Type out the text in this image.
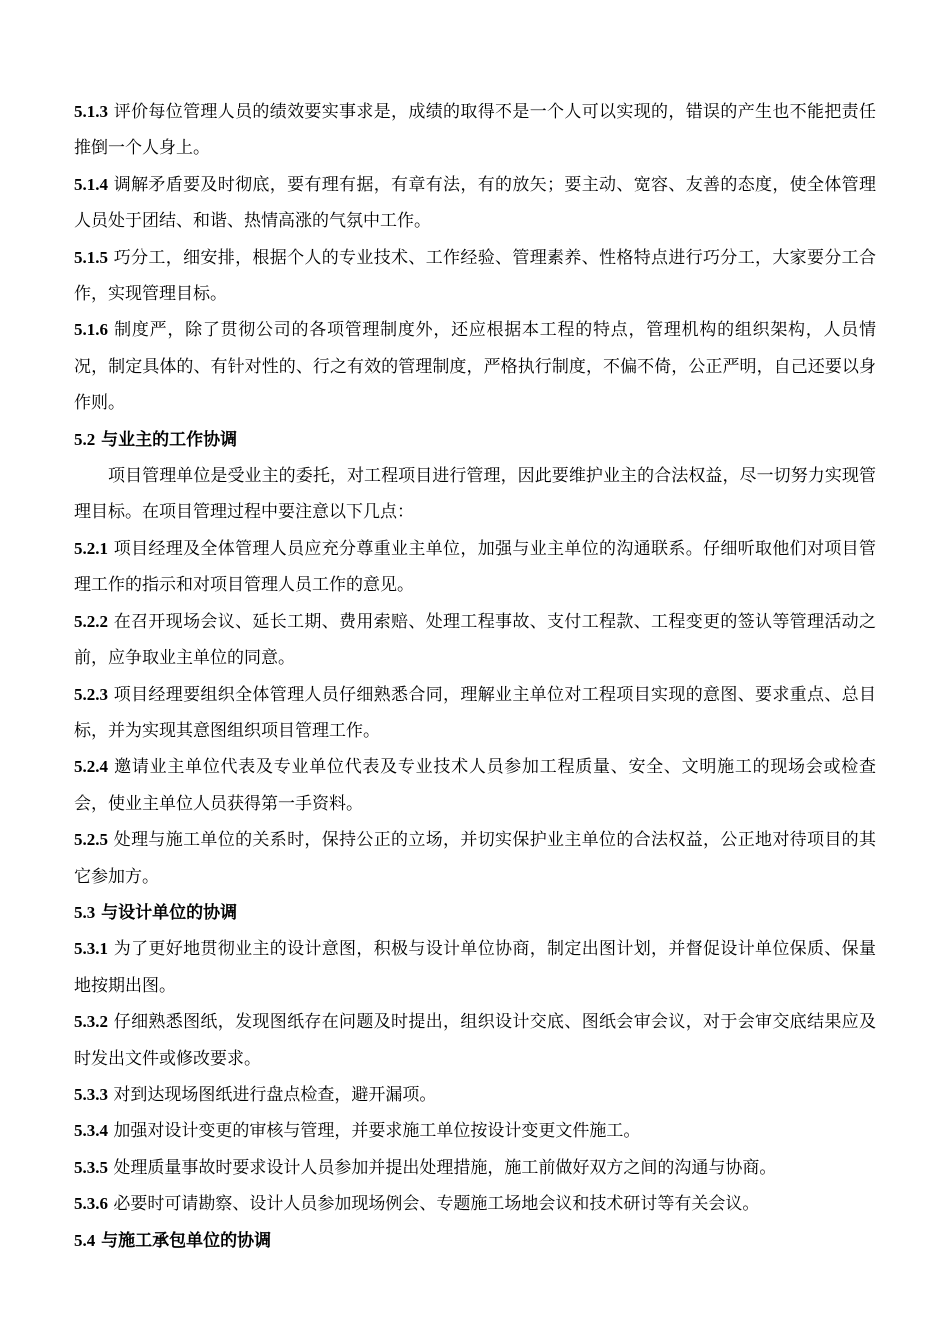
5.1.3 评价每位管理人员的绩效要实事求是，成绩的取得不是一个人可以实现的，错误的产生也不能把责任推倒一个人身上。

5.1.4 调解矛盾要及时彻底，要有理有据，有章有法，有的放矢；要主动、宽容、友善的态度，使全体管理人员处于团结、和谐、热情高涨的气氛中工作。

5.1.5 巧分工，细安排，根据个人的专业技术、工作经验、管理素养、性格特点进行巧分工，大家要分工合作，实现管理目标。

5.1.6 制度严，除了贯彻公司的各项管理制度外，还应根据本工程的特点，管理机构的组织架构，人员情况，制定具体的、有针对性的、行之有效的管理制度，严格执行制度，不偏不倚，公正严明，自己还要以身作则。

5.2 与业主的工作协调

项目管理单位是受业主的委托，对工程项目进行管理，因此要维护业主的合法权益，尽一切努力实现管理目标。在项目管理过程中要注意以下几点：

5.2.1 项目经理及全体管理人员应充分尊重业主单位，加强与业主单位的沟通联系。仔细听取他们对项目管理工作的指示和对项目管理人员工作的意见。

5.2.2 在召开现场会议、延长工期、费用索赔、处理工程事故、支付工程款、工程变更的签认等管理活动之前，应争取业主单位的同意。

5.2.3 项目经理要组织全体管理人员仔细熟悉合同，理解业主单位对工程项目实现的意图、要求重点、总目标，并为实现其意图组织项目管理工作。

5.2.4 邀请业主单位代表及专业单位代表及专业技术人员参加工程质量、安全、文明施工的现场会或检查会，使业主单位人员获得第一手资料。

5.2.5 处理与施工单位的关系时，保持公正的立场，并切实保护业主单位的合法权益，公正地对待项目的其它参加方。

5.3 与设计单位的协调

5.3.1 为了更好地贯彻业主的设计意图，积极与设计单位协商，制定出图计划，并督促设计单位保质、保量地按期出图。

5.3.2 仔细熟悉图纸，发现图纸存在问题及时提出，组织设计交底、图纸会审会议，对于会审交底结果应及时发出文件或修改要求。

5.3.3 对到达现场图纸进行盘点检查，避开漏项。

5.3.4 加强对设计变更的审核与管理，并要求施工单位按设计变更文件施工。

5.3.5 处理质量事故时要求设计人员参加并提出处理措施，施工前做好双方之间的沟通与协商。

5.3.6 必要时可请勘察、设计人员参加现场例会、专题施工场地会议和技术研讨等有关会议。

5.4 与施工承包单位的协调
